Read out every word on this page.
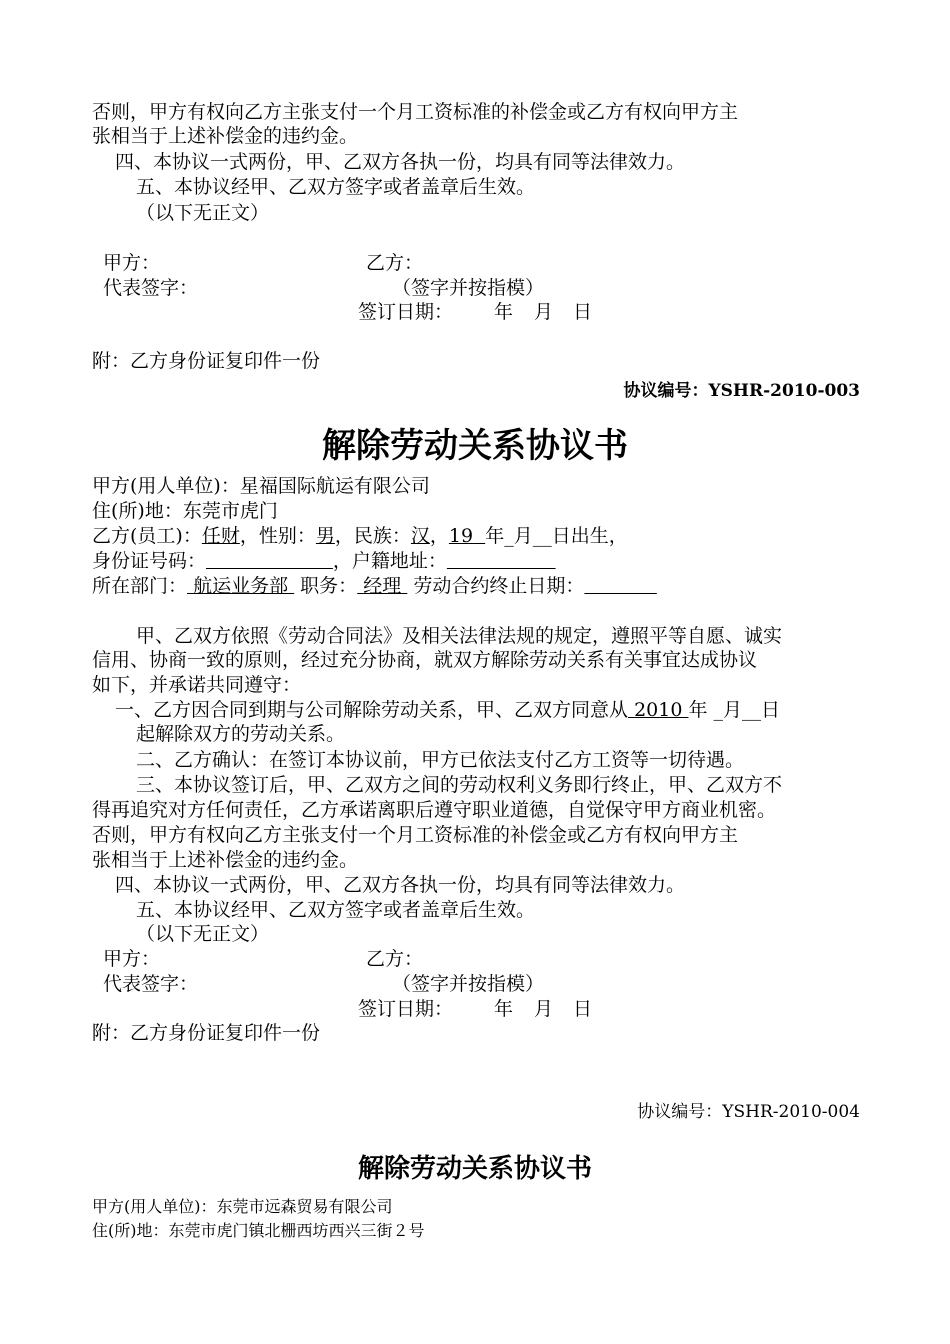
否则，甲方有权向乙方主张支付一个月工资标准的补偿金或乙方有权向甲方主
张相当于上述补偿金的违约金。
四、本协议一式两份，甲、乙双方各执一份，均具有同等法律效力。
五、本协议经甲、乙双方签字或者盖章后生效。
（以下无正文）
甲方：	乙方：
代表签字：	（签字并按指模）
签订日期： 年 月 日
附：乙方身份证复印件一份
协议编号：YSHR-2010-003
解除劳动关系协议书
甲方(用人单位)：星福国际航运有限公司
住(所)地：东莞市虎门
乙方(员工)：任财，性别：男，民族：汉，19 年_月__日出生，
身份证号码：	，户籍地址：
所在部门： 航运业务部 职务： 经理 劳动合约终止日期：
甲、乙双方依照《劳动合同法》及相关法律法规的规定，遵照平等自愿、诚实
信用、协商一致的原则，经过充分协商，就双方解除劳动关系有关事宜达成协议
如下，并承诺共同遵守：
一、乙方因合同到期与公司解除劳动关系，甲、乙双方同意从 2010 年 _月__日
起解除双方的劳动关系。
二、乙方确认：在签订本协议前，甲方已依法支付乙方工资等一切待遇。
三、本协议签订后，甲、乙双方之间的劳动权利义务即行终止，甲、乙双方不
得再追究对方任何责任，乙方承诺离职后遵守职业道德，自觉保守甲方商业机密。
否则，甲方有权向乙方主张支付一个月工资标准的补偿金或乙方有权向甲方主
张相当于上述补偿金的违约金。
四、本协议一式两份，甲、乙双方各执一份，均具有同等法律效力。
五、本协议经甲、乙双方签字或者盖章后生效。
（以下无正文）
甲方：	乙方：
代表签字：	（签字并按指模）
签订日期： 年 月 日
附：乙方身份证复印件一份
协议编号：YSHR-2010-004
解除劳动关系协议书
甲方(用人单位)：东莞市远森贸易有限公司
住(所)地：东莞市虎门镇北栅西坊西兴三街２号
